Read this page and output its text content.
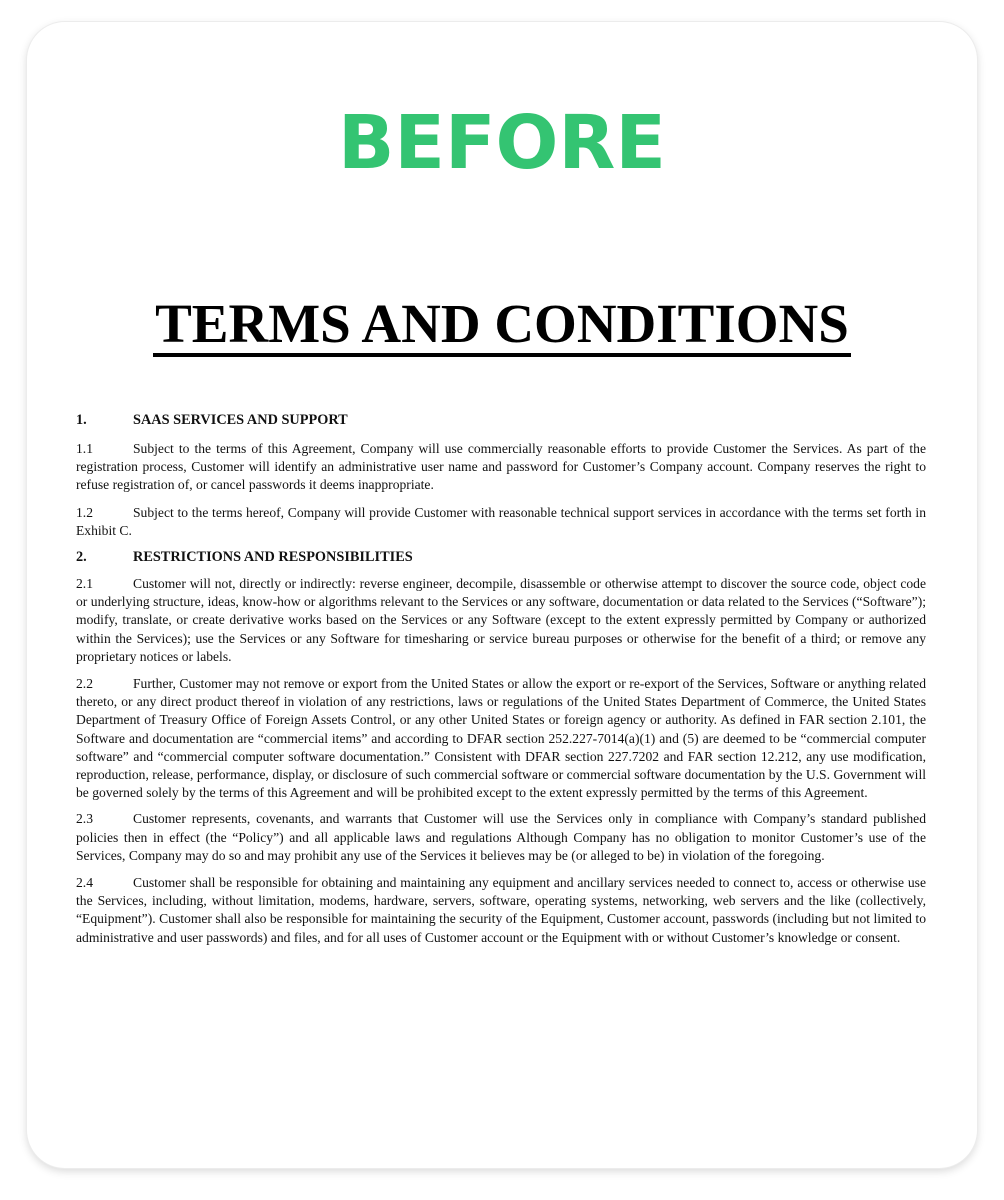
BEFORE
TERMS AND CONDITIONS
1.	SAAS SERVICES AND SUPPORT

1.1	Subject to the terms of this Agreement, Company will use commercially reasonable efforts to provide Customer the Services. As part of the registration process, Customer will identify an administrative user name and password for Customer’s Company account. Company reserves the right to refuse registration of, or cancel passwords it deems inappropriate.

1.2	Subject to the terms hereof, Company will provide Customer with reasonable technical support services in accordance with the terms set forth in Exhibit C.

2.	RESTRICTIONS AND RESPONSIBILITIES

2.1	Customer will not, directly or indirectly: reverse engineer, decompile, disassemble or otherwise attempt to discover the source code, object code or underlying structure, ideas, know-how or algorithms relevant to the Services or any software, documentation or data related to the Services (“Software”); modify, translate, or create derivative works based on the Services or any Software (except to the extent expressly permitted by Company or authorized within the Services); use the Services or any Software for timesharing or service bureau purposes or otherwise for the benefit of a third; or remove any proprietary notices or labels.

2.2	Further, Customer may not remove or export from the United States or allow the export or re-export of the Services, Software or anything related thereto, or any direct product thereof in violation of any restrictions, laws or regulations of the United States Department of Commerce, the United States Department of Treasury Office of Foreign Assets Control, or any other United States or foreign agency or authority. As defined in FAR section 2.101, the Software and documentation are “commercial items” and according to DFAR section 252.227-7014(a)(1) and (5) are deemed to be “commercial computer software” and “commercial computer software documentation.” Consistent with DFAR section 227.7202 and FAR section 12.212, any use modification, reproduction, release, performance, display, or disclosure of such commercial software or commercial software documentation by the U.S. Government will be governed solely by the terms of this Agreement and will be prohibited except to the extent expressly permitted by the terms of this Agreement.

2.3	Customer represents, covenants, and warrants that Customer will use the Services only in compliance with Company’s standard published policies then in effect (the “Policy”) and all applicable laws and regulations Although Company has no obligation to monitor Customer’s use of the Services, Company may do so and may prohibit any use of the Services it believes may be (or alleged to be) in violation of the foregoing.

2.4	Customer shall be responsible for obtaining and maintaining any equipment and ancillary services needed to connect to, access or otherwise use the Services, including, without limitation, modems, hardware, servers, software, operating systems, networking, web servers and the like (collectively, “Equipment”). Customer shall also be responsible for maintaining the security of the Equipment, Customer account, passwords (including but not limited to administrative and user passwords) and files, and for all uses of Customer account or the Equipment with or without Customer’s knowledge or consent.
